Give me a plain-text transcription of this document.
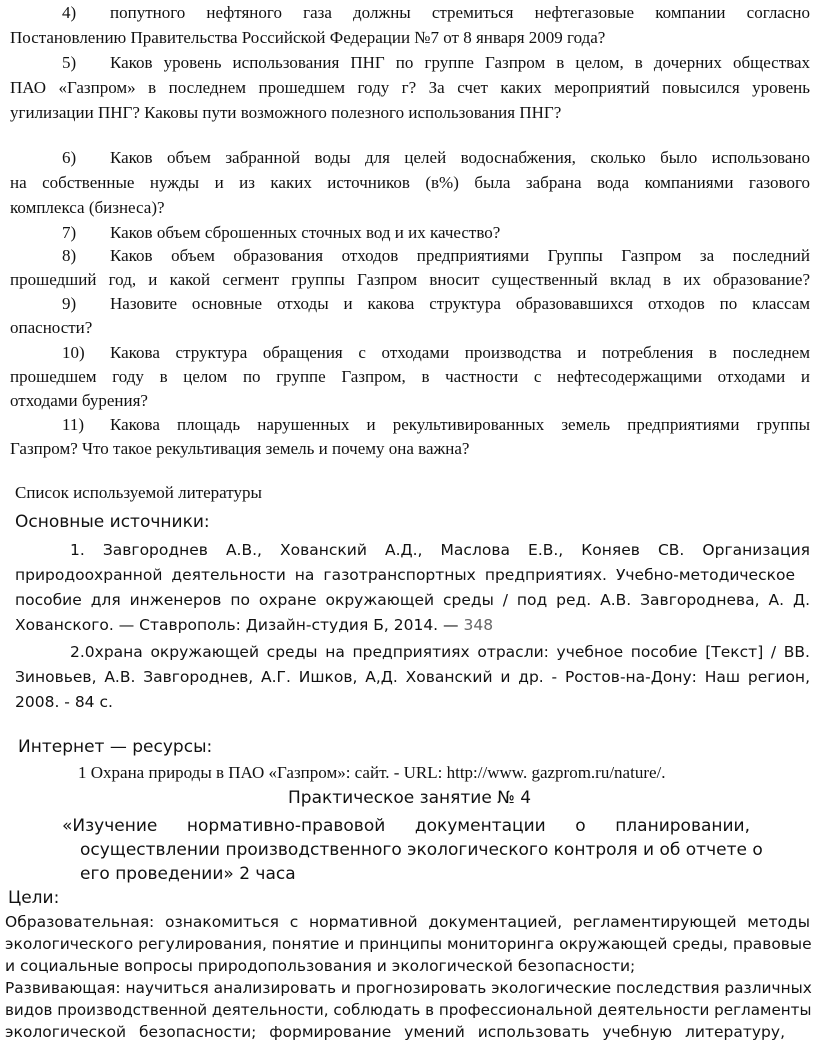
4) попутного нефтяного газа должны стремиться нефтегазовые компании согласно
Постановлению Правительства Российской Федерации №7 от 8 января 2009 года?
5) Каков уровень использования ПНГ по группе Газпром в целом, в дочерних обществах
ПАО «Газпром» в последнем прошедшем году г? За счет каких мероприятий повысился уровень
угилизации ПНГ? Каковы пути возможного полезного использования ПНГ?
6) Каков объем забранной воды для целей водоснабжения, сколько было использовано
на собственные нужды и из каких источников (в%) была забрана вода компаниями газового
комплекса (бизнеса)?
7) Каков объем сброшенных сточных вод и их качество?
8) Каков объем образования отходов предприятиями Группы Газпром за последний
прошедший год, и какой сегмент группы Газпром вносит существенный вклад в их образование?
9) Назовите основные отходы и какова структура образовавшихся отходов по классам
опасности?
10) Какова структура обращения с отходами производства и потребления в последнем
прошедшем году в целом по группе Газпром, в частности с нефтесодержащими отходами и
отходами бурения?
11) Какова площадь нарушенных и рекультивированных земель предприятиями группы
Газпром? Что такое рекультивация земель и почему она важна?
Список используемой литературы
Основные источники:
1. Завгороднев А.В., Хованский А.Д., Маслова Е.В., Коняев СВ. Организация
природоохранной деятельности на газотранспортных предприятиях. Учебно-методическое
пособие для инженеров по охране окружающей среды / под ред. А.В. Завгороднева, А. Д.
Хованского. — Ставрополь: Дизайн-студия Б, 2014. — 348
2.0храна окружающей среды на предприятиях отрасли: учебное пособие [Текст] / ВВ.
Зиновьев, А.В. Завгороднев, А.Г. Ишков, А,Д. Хованский и др. - Ростов-на-Дону: Наш регион,
2008. - 84 с.
Интернет — ресурсы:
1 Охрана природы в ПАО «Газпром»: сайт. - URL: http://www. gazprom.ru/nature/.
Практическое занятие № 4
«Изучение нормативно-правовой документации о планировании,
осуществлении производственного экологического контроля и об отчете о
его проведении» 2 часа
Цели:
Образовательная: ознакомиться с нормативной документацией, регламентирующей методы
экологического регулирования, понятие и принципы мониторинга окружающей среды, правовые
и социальные вопросы природопользования и экологической безопасности;
Развивающая: научиться анализировать и прогнозировать экологические последствия различных
видов производственной деятельности, соблюдать в профессиональной деятельности регламенты
экологической безопасности; формирование умений использовать учебную литературу,
